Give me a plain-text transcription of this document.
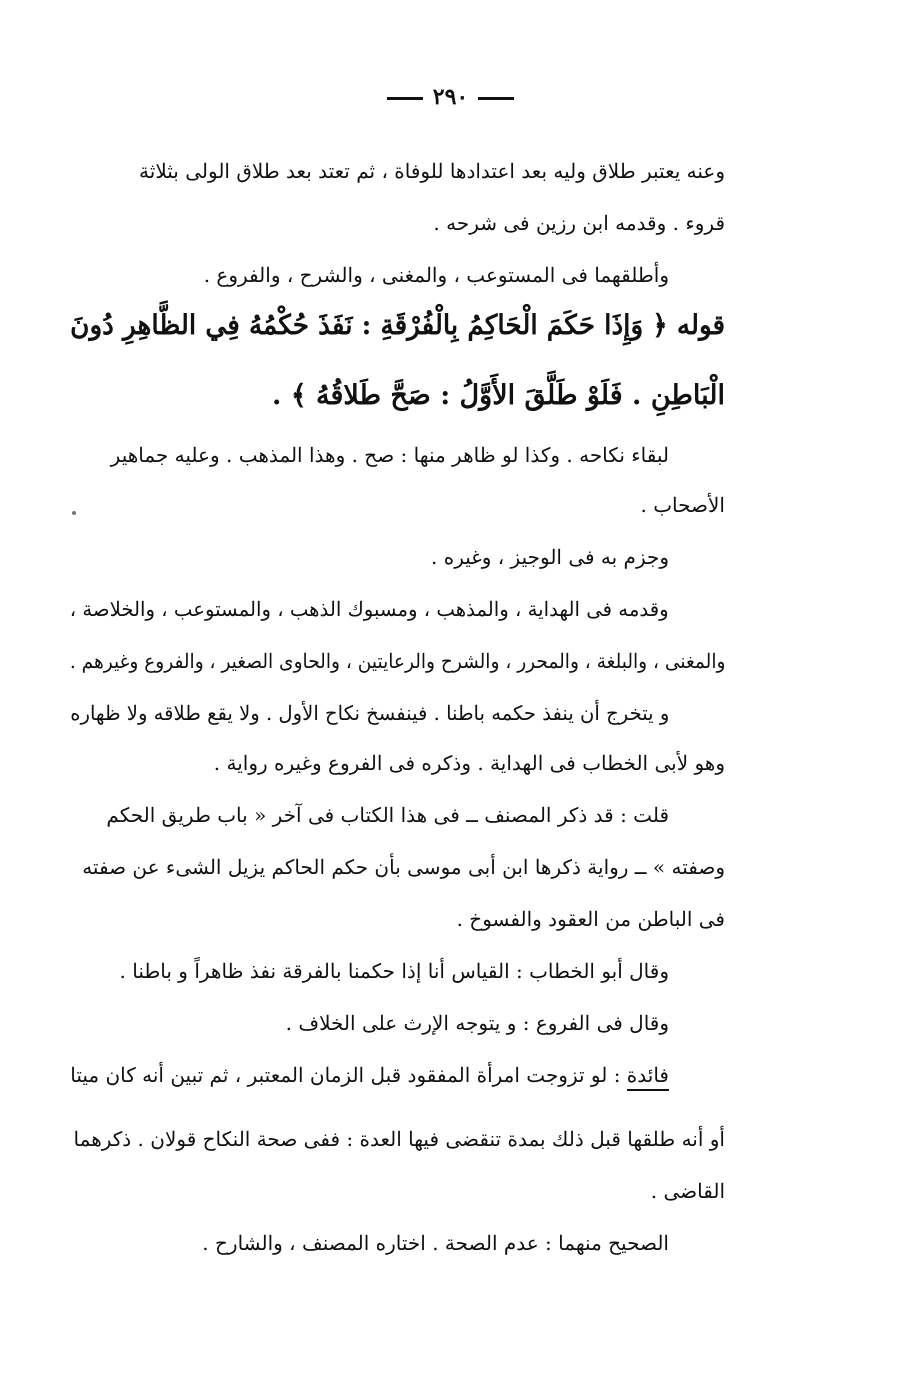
٢٩٠
وعنه يعتبر طلاق وليه بعد اعتدادها للوفاة ، ثم تعتد بعد طلاق الولى بثلاثة
قروء . وقدمه ابن رزين فى شرحه .
وأطلقهما فى المستوعب ، والمغنى ، والشرح ، والفروع .
قوله ﴿ وَإِذَا حَكَمَ الْحَاكِمُ بِالْفُرْقَةِ : نَفَذَ حُكْمُهُ فِي الظَّاهِرِ دُونَ
الْبَاطِنِ . فَلَوْ طَلَّقَ الأَوَّلُ : صَحَّ طَلاقُهُ ﴾ .
لبقاء نكاحه . وكذا لو ظاهر منها : صح . وهذا المذهب . وعليه جماهير
الأصحاب .
وجزم به فى الوجيز ، وغيره .
وقدمه فى الهداية ، والمذهب ، ومسبوك الذهب ، والمستوعب ، والخلاصة ،
والمغنى ، والبلغة ، والمحرر ، والشرح والرعايتين ، والحاوى الصغير ، والفروع وغيرهم .
و يتخرج أن ينفذ حكمه باطنا . فينفسخ نكاح الأول . ولا يقع طلاقه ولا ظهاره
وهو لأبى الخطاب فى الهداية . وذكره فى الفروع وغيره رواية .
قلت : قد ذكر المصنف ــ فى هذا الكتاب فى آخر « باب طريق الحكم
وصفته » ــ رواية ذكرها ابن أبى موسى بأن حكم الحاكم يزيل الشىء عن صفته
فى الباطن من العقود والفسوخ .
وقال أبو الخطاب : القياس أنا إذا حكمنا بالفرقة نفذ ظاهراً و باطنا .
وقال فى الفروع : و يتوجه الإرث على الخلاف .
فائدة : لو تزوجت امرأة المفقود قبل الزمان المعتبر ، ثم تبين أنه كان ميتا
أو أنه طلقها قبل ذلك بمدة تنقضى فيها العدة : ففى صحة النكاح قولان . ذكرهما
القاضى .
الصحيح منهما : عدم الصحة . اختاره المصنف ، والشارح .
